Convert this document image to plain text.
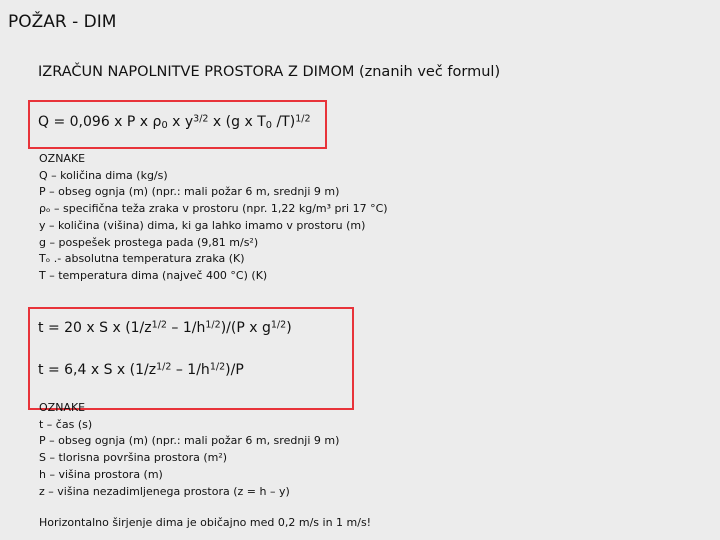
POŽAR - DIM
IZRAČUN NAPOLNITVE PROSTORA Z DIMOM (znanih več formul)
Q = 0,096 x P x $\rho_0$ x $y^{3/2}$ x (g x $T_0$ /T)$^{1/2}$
OZNAKE
Q – količina dima (kg/s)
P – obseg ognja (m) (npr.: mali požar 6 m, srednji 9 m)
ρₒ – specifična teža zraka v prostoru (npr. 1,22 kg/m³ pri 17 °C)
y – količina (višina) dima, ki ga lahko imamo v prostoru (m)
g – pospešek prostega pada (9,81 m/s²)
Tₒ .- absolutna temperatura zraka (K)
T – temperatura dima (največ 400 °C) (K)
t = 20 x S x $(1/z^{1/2} - 1/h^{1/2})/(P$ x $g^{1/2}$)
t = 6,4 x S x $(1/z^{1/2} - 1/h^{1/2})/P$
OZNAKE
t – čas (s)
P – obseg ognja (m) (npr.: mali požar 6 m, srednji 9 m)
S – tlorisna površina prostora (m²)
h – višina prostora (m)
z – višina nezadimljenega prostora (z = h – y)
Horizontalno širjenje dima je običajno med 0,2 m/s in 1 m/s!
